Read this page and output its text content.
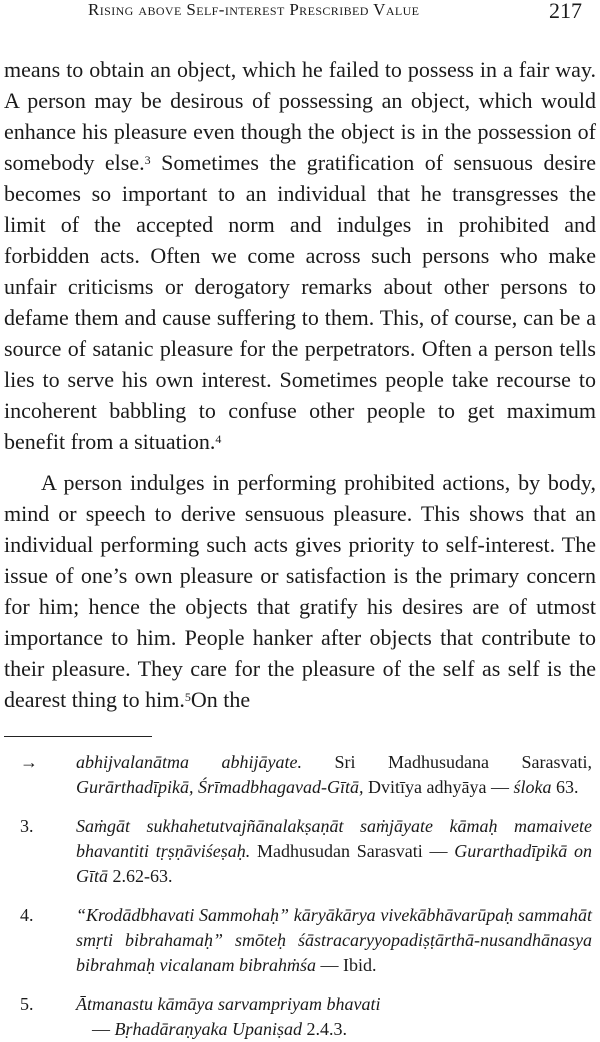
Rising above Self-interest Prescribed Value	217

means to obtain an object, which he failed to possess in a fair way. A person may be desirous of possessing an object, which would enhance his pleasure even though the object is in the possession of somebody else.$^3$ Sometimes the gratification of sensuous desire becomes so important to an individual that he transgresses the limit of the accepted norm and indulges in prohibited and forbidden acts. Often we come across such persons who make unfair criticisms or derogatory remarks about other persons to defame them and cause suffering to them. This, of course, can be a source of satanic pleasure for the perpetrators. Often a person tells lies to serve his own interest. Sometimes people take recourse to incoherent babbling to confuse other people to get maximum benefit from a situation.$^4$

A person indulges in performing prohibited actions, by body, mind or speech to derive sensuous pleasure. This shows that an individual performing such acts gives priority to self-interest. The issue of one’s own pleasure or satisfaction is the primary concern for him; hence the objects that gratify his desires are of utmost importance to him. People hanker after objects that contribute to their pleasure. They care for the pleasure of the self as self is the dearest thing to him.$^5$On the

→	abhijvalanātma abhijāyate. Sri Madhusudana Sarasvati, Gurārthadīpikā, Śrīmadbhagavad-Gītā, Dvitīya adhyāya — śloka 63.
3.	Saṁgāt sukhahetutvajñānalakṣaṇāt saṁjāyate kāmaḥ mamaivete bhavantiti tṛṣṇāviśeṣaḥ. Madhusudan Sarasvati — Gurarthadīpikā on Gītā 2.62-63.
4.	“Krodādbhavati Sammohaḥ” kāryākārya vivekābhāvarūpaḥ sammahāt smṛti bibrahamaḥ” smōteḥ śāstracaryyopadiṣṭārthā-nusandhānasya bibrahmaḥ vicalanam bibrahṁśa — Ibid.
5.	Ātmanastu kāmāya sarvampriyam bhavati
— Bṛhadāraṇyaka Upaniṣad 2.4.3.
